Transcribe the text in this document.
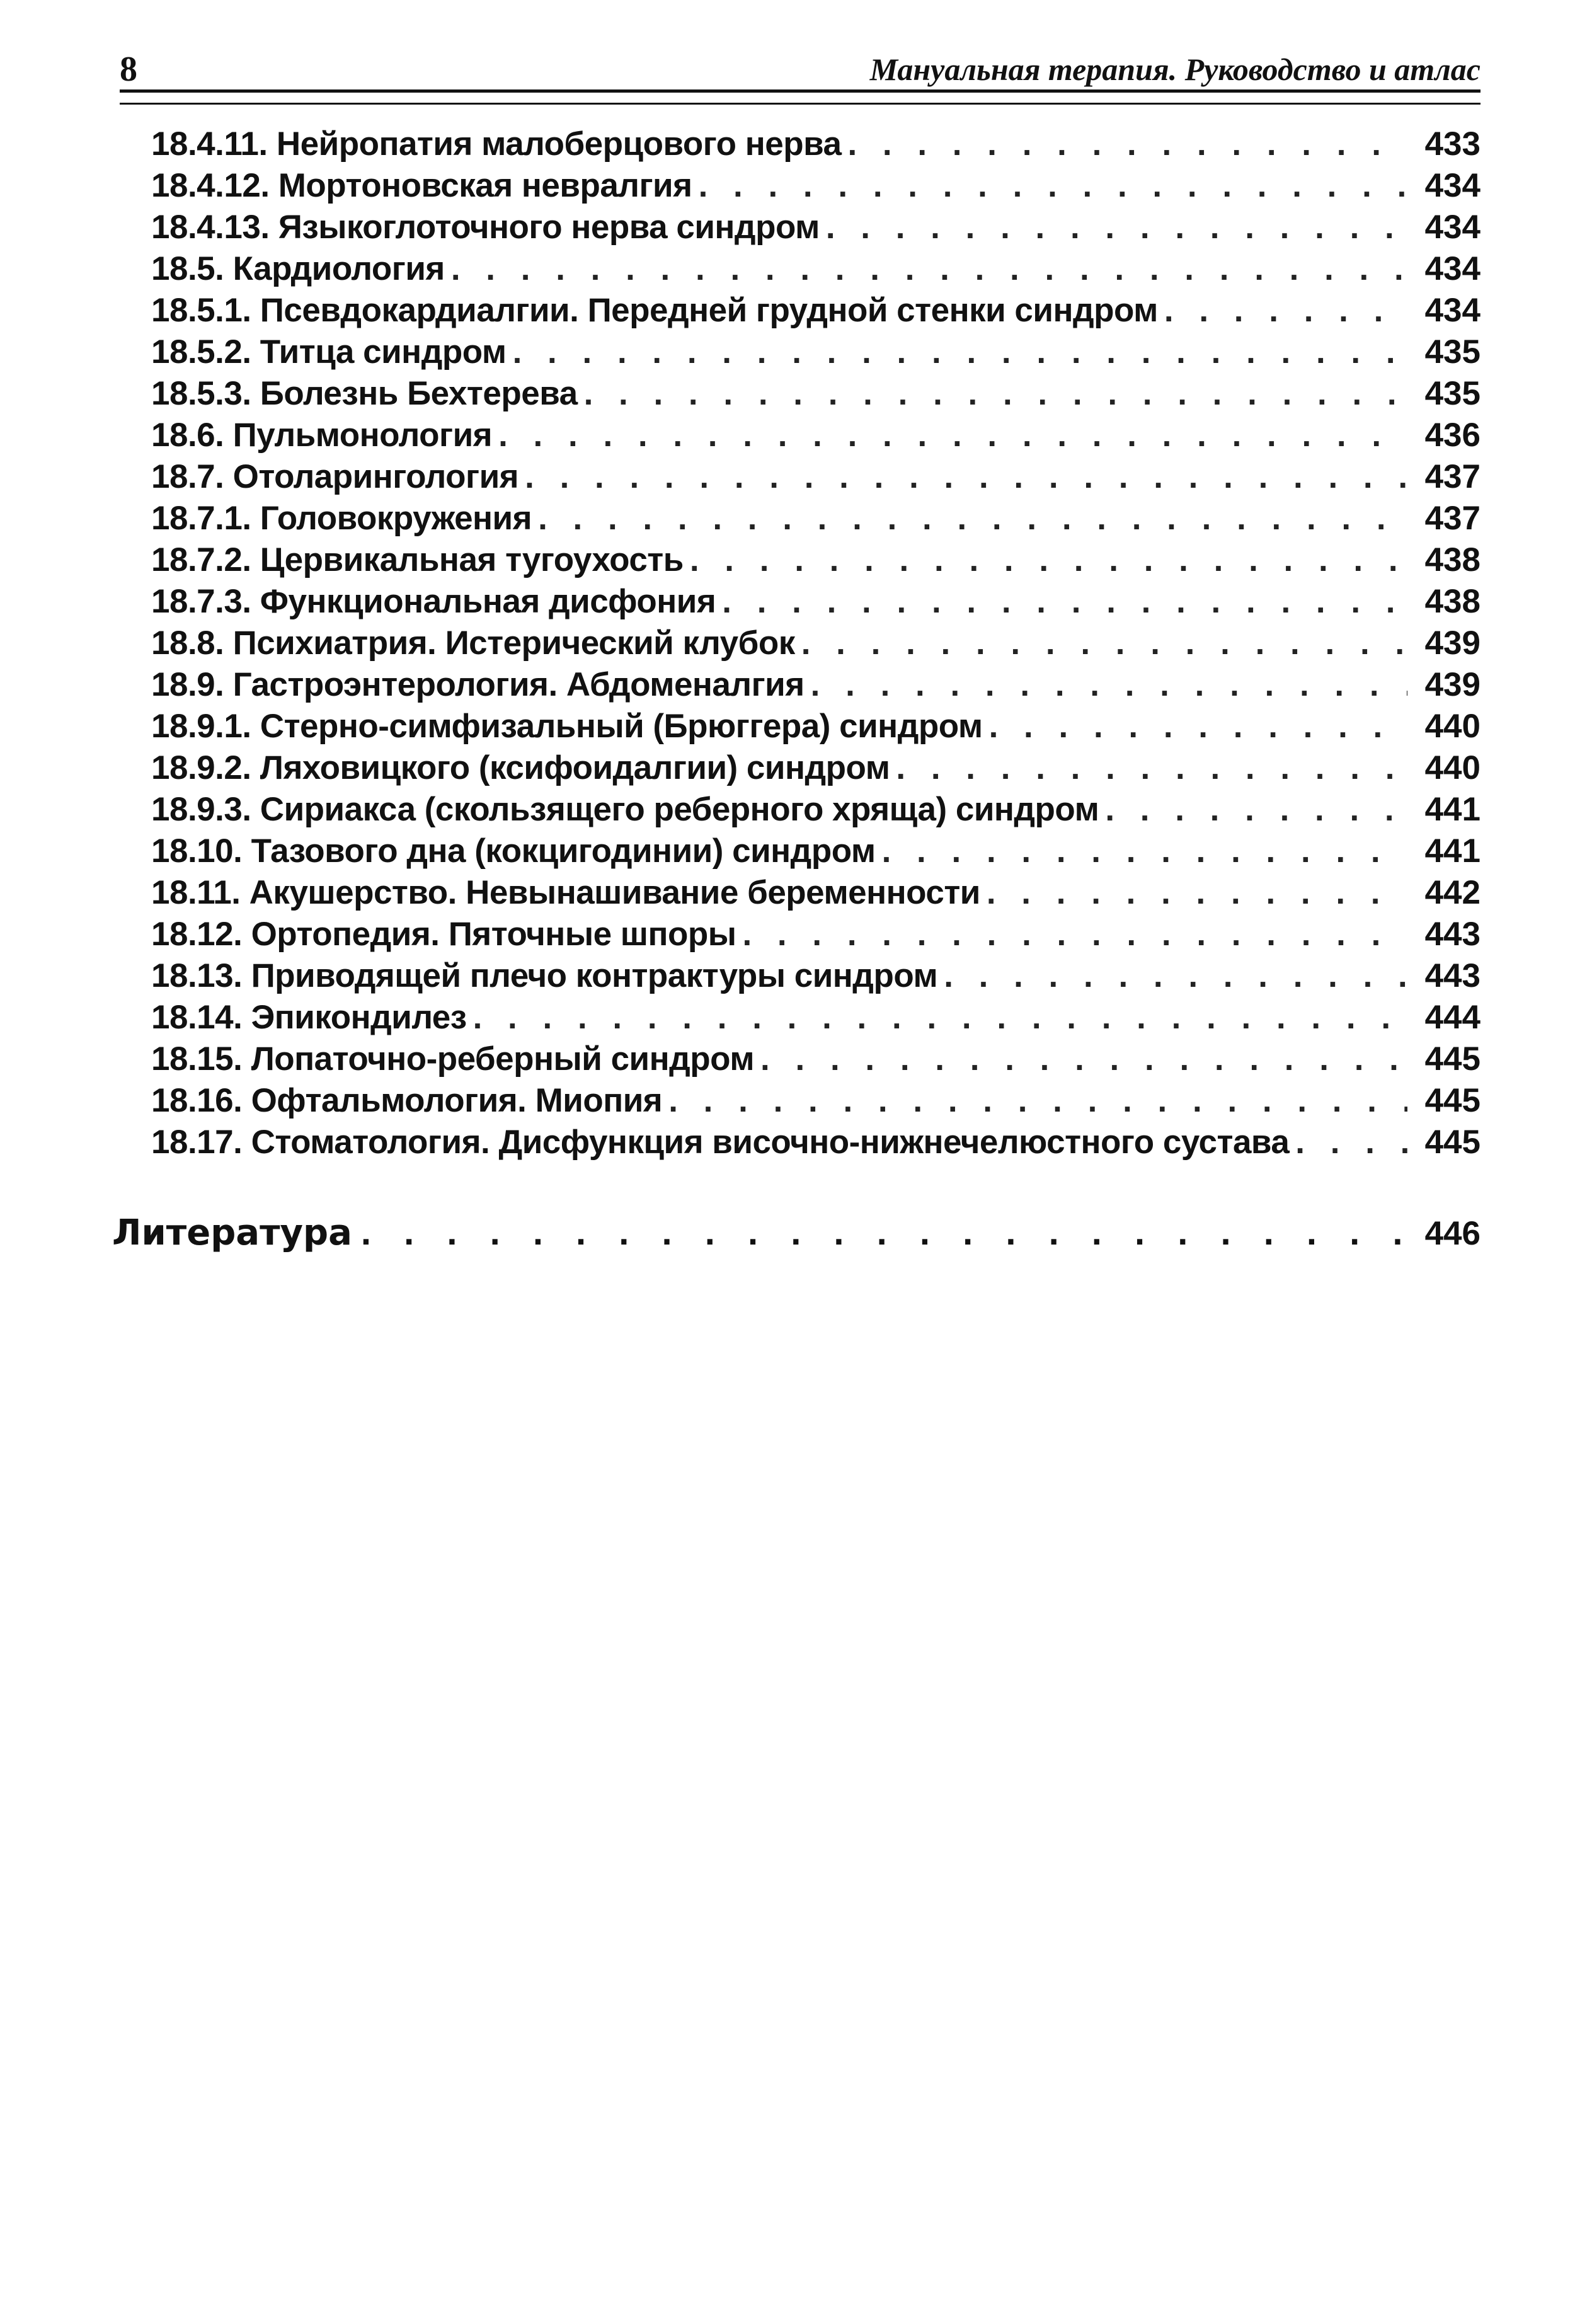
8	Мануальная терапия. Руководство и атлас
18.4.11. Нейропатия малоберцового нерва . . .	433
18.4.12. Мортоновская невралгия . . .	434
18.4.13. Языкоглоточного нерва синдром . . .	434
18.5. Кардиология . . .	434
18.5.1. Псевдокардиалгии. Передней грудной стенки синдром . . .	434
18.5.2. Титца синдром . . .	435
18.5.3. Болезнь Бехтерева . . .	435
18.6. Пульмонология . . .	436
18.7. Отоларингология . . .	437
18.7.1. Головокружения . . .	437
18.7.2. Цервикальная тугоухость . . .	438
18.7.3. Функциональная дисфония . . .	438
18.8. Психиатрия. Истерический клубок . . .	439
18.9. Гастроэнтерология. Абдоменалгия . . .	439
18.9.1. Стерно-симфизальный (Брюггера) синдром . . .	440
18.9.2. Ляховицкого (ксифоидалгии) синдром . . .	440
18.9.3. Сириакса (скользящего реберного хряща) синдром . . .	441
18.10. Тазового дна (кокцигодинии) синдром . . .	441
18.11. Акушерство. Невынашивание беременности . . .	442
18.12. Ортопедия. Пяточные шпоры . . .	443
18.13. Приводящей плечо контрактуры синдром . . .	443
18.14. Эпикондилез . . .	444
18.15. Лопаточно-реберный синдром . . .	445
18.16. Офтальмология. Миопия . . .	445
18.17. Стоматология. Дисфункция височно-нижнечелюстного сустава . . .	445
Литература . . .	446
